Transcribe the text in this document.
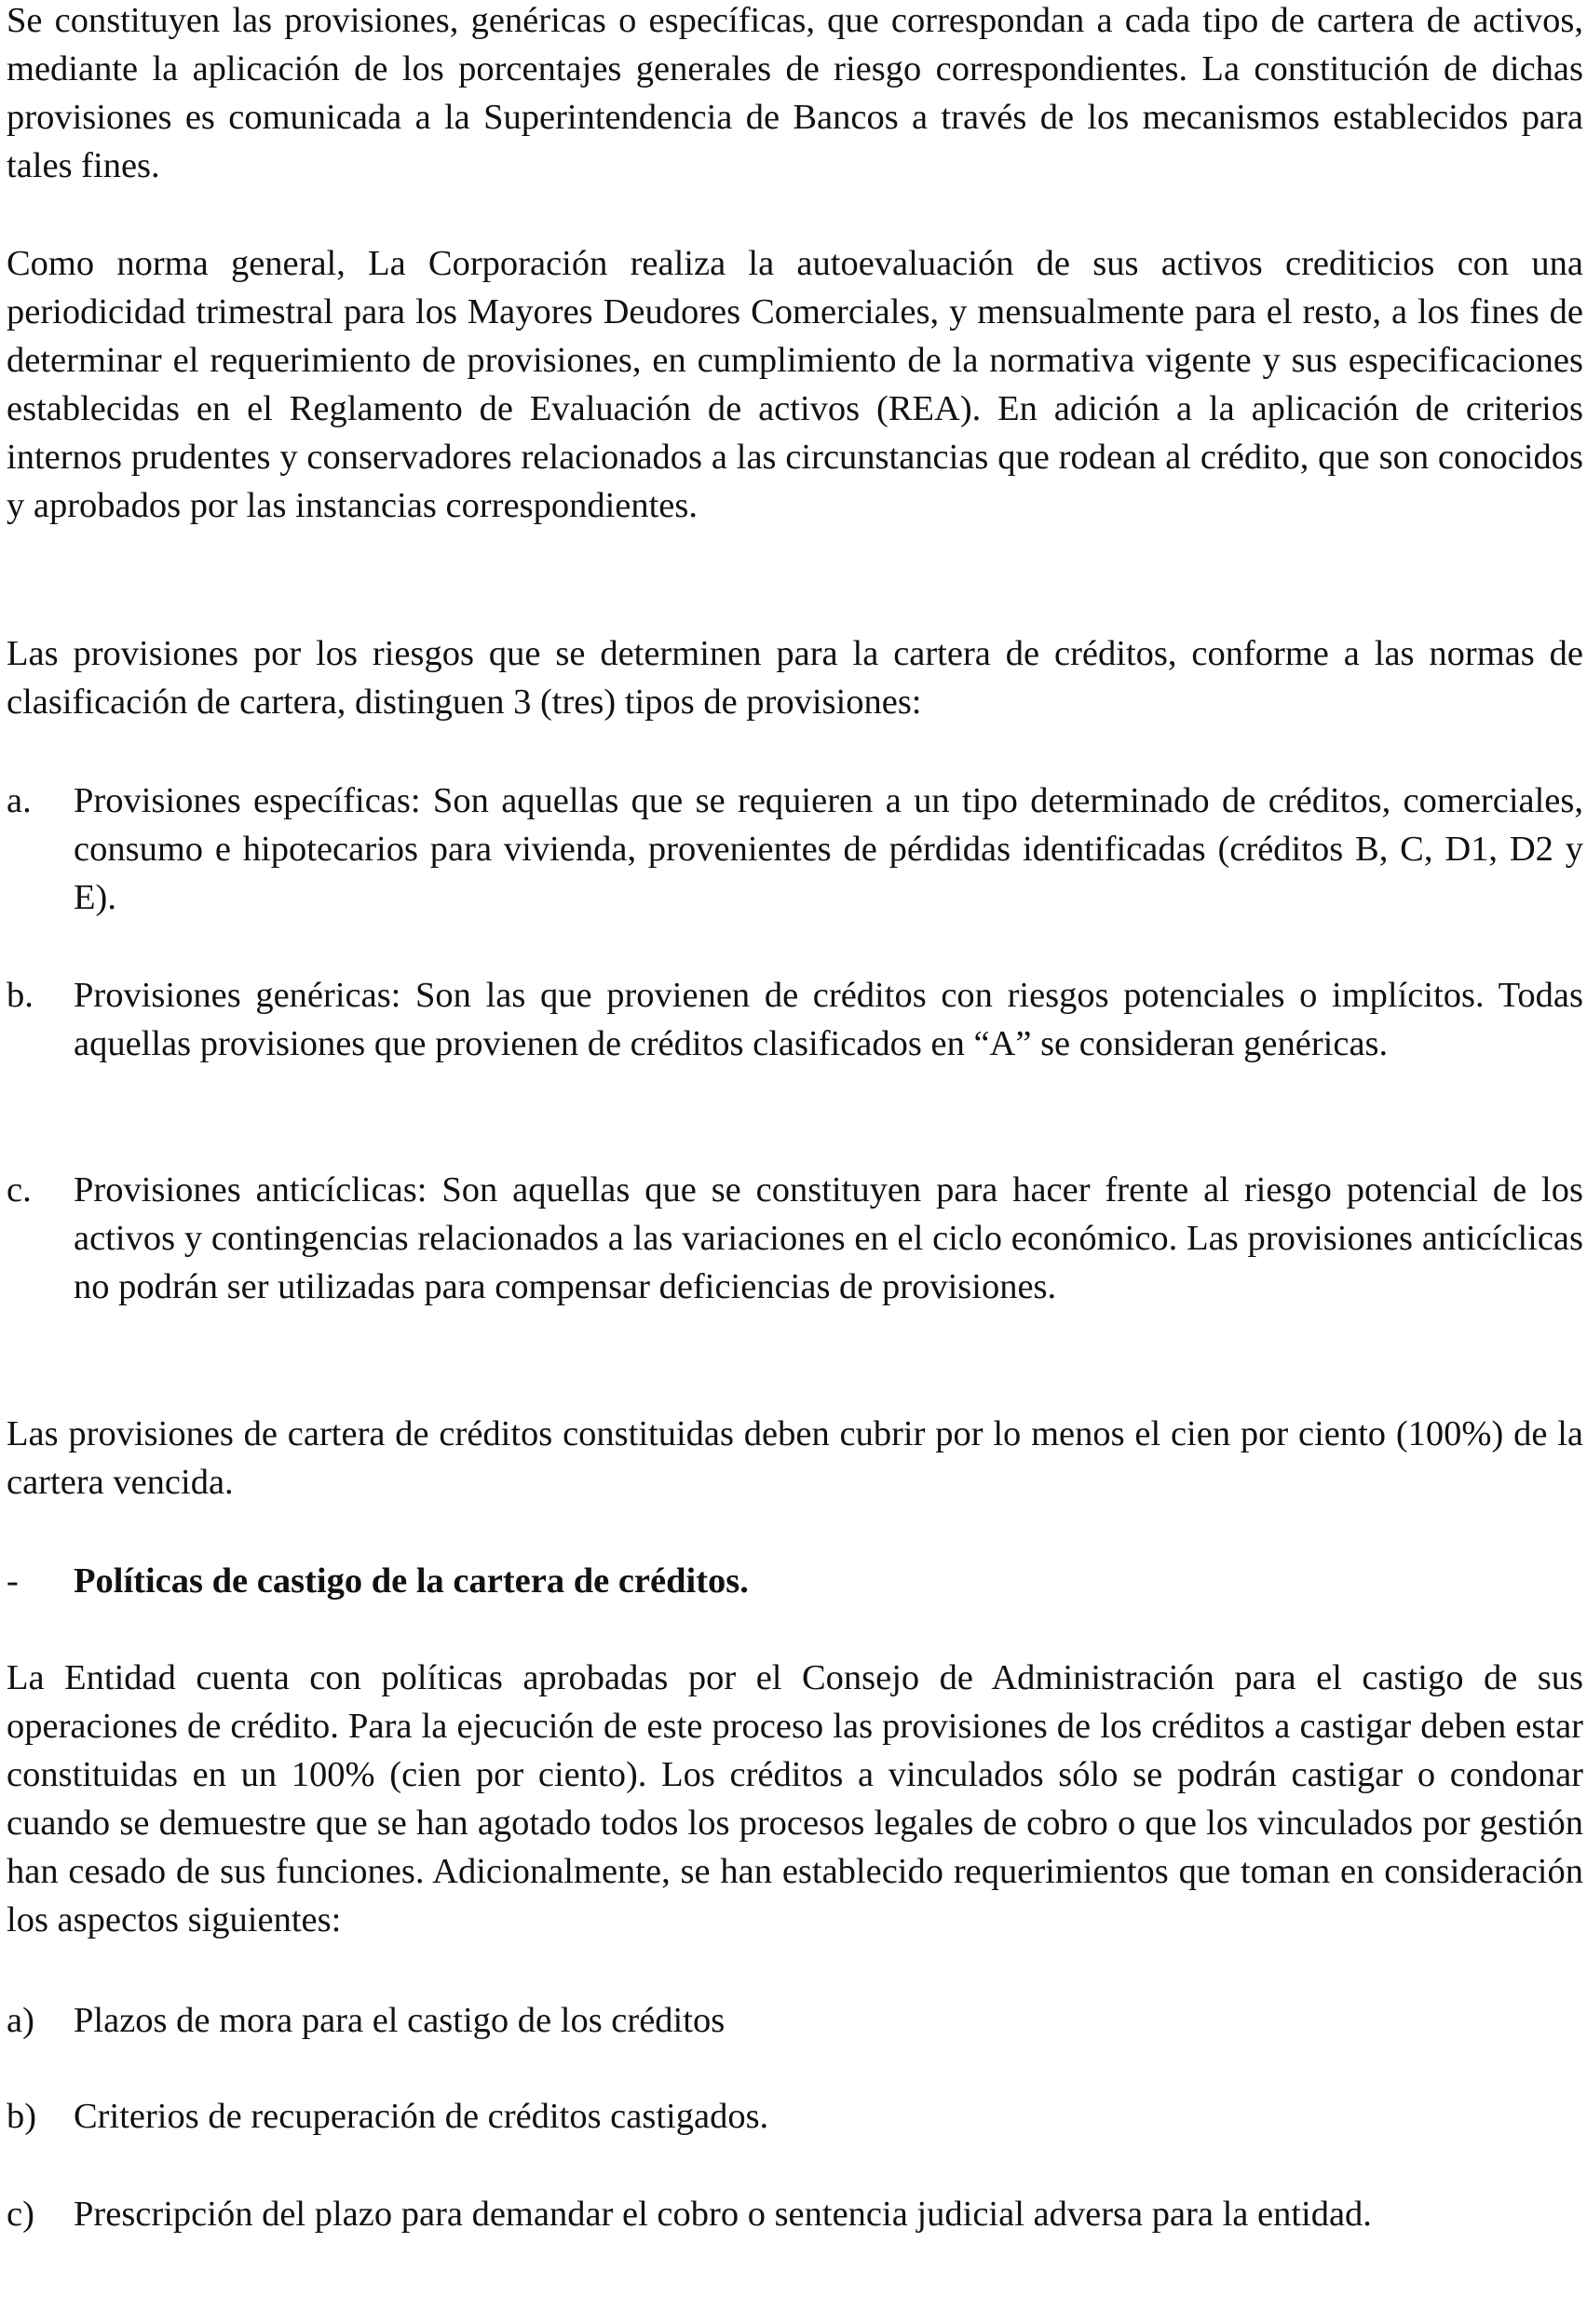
Se constituyen las provisiones, genéricas o específicas, que correspondan a cada tipo de cartera de activos, mediante la aplicación de los porcentajes generales de riesgo correspondientes. La constitución de dichas provisiones es comunicada a la Superintendencia de Bancos a través de los mecanismos establecidos para tales fines.

Como norma general, La Corporación realiza la autoevaluación de sus activos crediticios con una periodicidad trimestral para los Mayores Deudores Comerciales, y mensualmente para el resto, a los fines de determinar el requerimiento de provisiones, en cumplimiento de la normativa vigente y sus especificaciones establecidas en el Reglamento de Evaluación de activos (REA). En adición a la aplicación de criterios internos prudentes y conservadores relacionados a las circunstancias que rodean al crédito, que son conocidos y aprobados por las instancias correspondientes.

Las provisiones por los riesgos que se determinen para la cartera de créditos, conforme a las normas de clasificación de cartera, distinguen 3 (tres) tipos de provisiones:

a. Provisiones específicas: Son aquellas que se requieren a un tipo determinado de créditos, comerciales, consumo e hipotecarios para vivienda, provenientes de pérdidas identificadas (créditos B, C, D1, D2 y E).

b. Provisiones genéricas: Son las que provienen de créditos con riesgos potenciales o implícitos. Todas aquellas provisiones que provienen de créditos clasificados en “A” se consideran genéricas.

c. Provisiones anticíclicas: Son aquellas que se constituyen para hacer frente al riesgo potencial de los activos y contingencias relacionados a las variaciones en el ciclo económico. Las provisiones anticíclicas no podrán ser utilizadas para compensar deficiencias de provisiones.

Las provisiones de cartera de créditos constituidas deben cubrir por lo menos el cien por ciento (100%) de la cartera vencida.

- Políticas de castigo de la cartera de créditos.

La Entidad cuenta con políticas aprobadas por el Consejo de Administración para el castigo de sus operaciones de crédito. Para la ejecución de este proceso las provisiones de los créditos a castigar deben estar constituidas en un 100% (cien por ciento). Los créditos a vinculados sólo se podrán castigar o condonar cuando se demuestre que se han agotado todos los procesos legales de cobro o que los vinculados por gestión han cesado de sus funciones. Adicionalmente, se han establecido requerimientos que toman en consideración los aspectos siguientes:

a) Plazos de mora para el castigo de los créditos

b) Criterios de recuperación de créditos castigados.

c) Prescripción del plazo para demandar el cobro o sentencia judicial adversa para la entidad.
